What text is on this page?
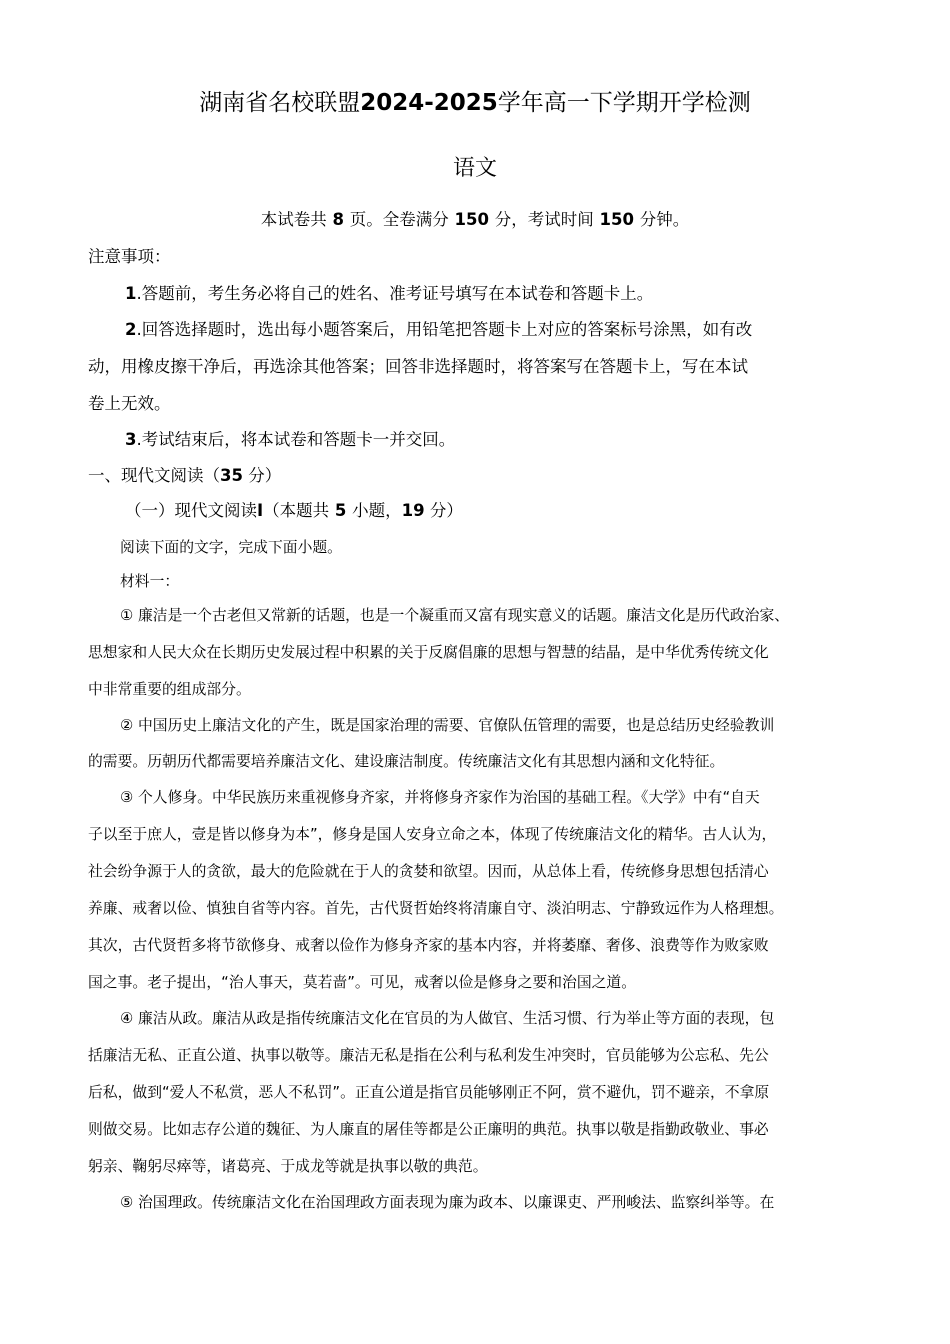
湖南省名校联盟2024-2025学年高一下学期开学检测
语文
本试卷共 8 页。全卷满分 150 分，考试时间 150 分钟。
注意事项：
1.答题前，考生务必将自己的姓名、准考证号填写在本试卷和答题卡上。
2.回答选择题时，选出每小题答案后，用铅笔把答题卡上对应的答案标号涂黑，如有改
动，用橡皮擦干净后，再选涂其他答案；回答非选择题时，将答案写在答题卡上，写在本试
卷上无效。
3.考试结束后，将本试卷和答题卡一并交回。
一、现代文阅读（35 分）
（一）现代文阅读I（本题共 5 小题，19 分）
阅读下面的文字，完成下面小题。
材料一：
① 廉洁是一个古老但又常新的话题，也是一个凝重而又富有现实意义的话题。廉洁文化是历代政治家、
思想家和人民大众在长期历史发展过程中积累的关于反腐倡廉的思想与智慧的结晶，是中华优秀传统文化
中非常重要的组成部分。
② 中国历史上廉洁文化的产生，既是国家治理的需要、官僚队伍管理的需要，也是总结历史经验教训
的需要。历朝历代都需要培养廉洁文化、建设廉洁制度。传统廉洁文化有其思想内涵和文化特征。
③ 个人修身。中华民族历来重视修身齐家，并将修身齐家作为治国的基础工程。《大学》中有“自天
子以至于庶人，壹是皆以修身为本”，修身是国人安身立命之本，体现了传统廉洁文化的精华。古人认为，
社会纷争源于人的贪欲，最大的危险就在于人的贪婪和欲望。因而，从总体上看，传统修身思想包括清心
养廉、戒奢以俭、慎独自省等内容。首先，古代贤哲始终将清廉自守、淡泊明志、宁静致远作为人格理想。
其次，古代贤哲多将节欲修身、戒奢以俭作为修身齐家的基本内容，并将萎靡、奢侈、浪费等作为败家败
国之事。老子提出，“治人事天，莫若啬”。可见，戒奢以俭是修身之要和治国之道。
④ 廉洁从政。廉洁从政是指传统廉洁文化在官员的为人做官、生活习惯、行为举止等方面的表现，包
括廉洁无私、正直公道、执事以敬等。廉洁无私是指在公利与私利发生冲突时，官员能够为公忘私、先公
后私，做到“爱人不私赏，恶人不私罚”。正直公道是指官员能够刚正不阿，赏不避仇，罚不避亲，不拿原
则做交易。比如志存公道的魏征、为人廉直的屠佳等都是公正廉明的典范。执事以敬是指勤政敬业、事必
躬亲、鞠躬尽瘁等，诸葛亮、于成龙等就是执事以敬的典范。
⑤ 治国理政。传统廉洁文化在治国理政方面表现为廉为政本、以廉课吏、严刑峻法、监察纠举等。在
